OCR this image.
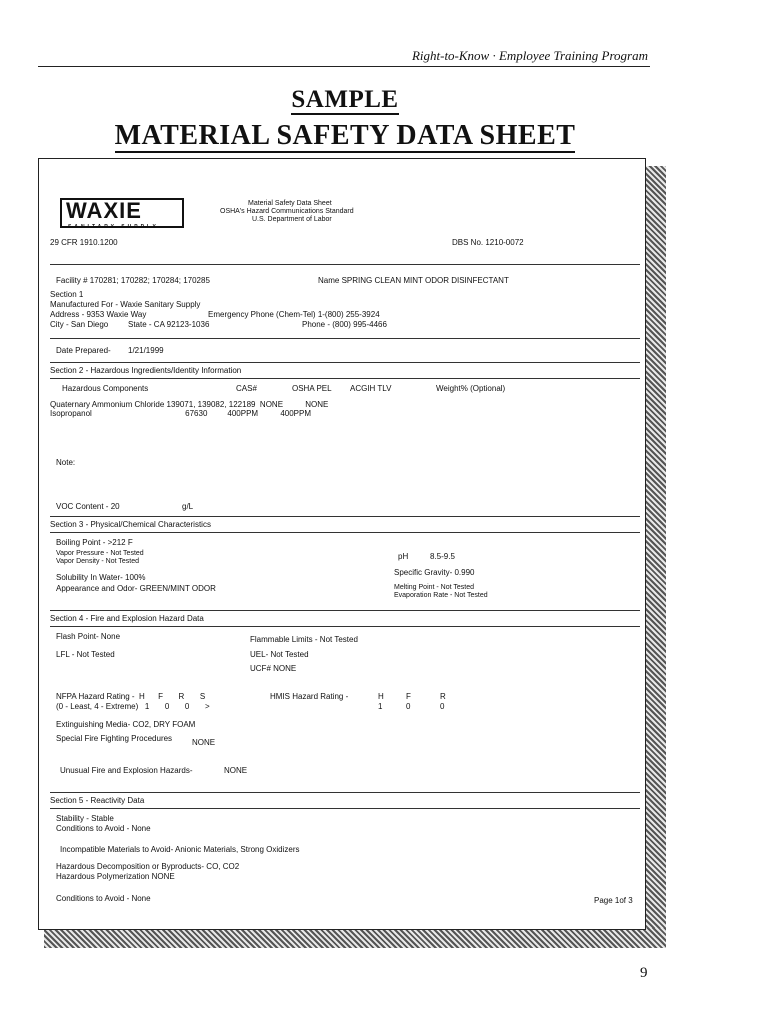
Right-to-Know · Employee Training Program
SAMPLE
MATERIAL SAFETY DATA SHEET
WAXIE
SANITARY SUPPLY
Material Safety Data Sheet
OSHA's Hazard Communications Standard
U.S. Department of Labor
29 CFR 1910.1200	DBS No. 1210-0072
Facility # 170281; 170282; 170284; 170285	Name SPRING CLEAN MINT ODOR DISINFECTANT
Section 1
Manufactured For - Waxie Sanitary Supply
Address - 9353 Waxie Way	Emergency Phone (Chem-Tel) 1-(800) 255-3924
City - San Diego State - CA 92123-1036	Phone - (800) 995-4466
Date Prepared- 1/21/1999
Section 2 - Hazardous Ingredients/Identity Information
Hazardous Components	CAS#	OSHA PEL ACGIH TLV	Weight% (Optional)
Quaternary Ammonium Chloride 139071, 139082, 122189  NONE          NONE
Isopropanol                                          67630         400PPM          400PPM
Note:
VOC Content - 20	g/L
Section 3 - Physical/Chemical Characteristics
Boiling Point - >212 F
Vapor Pressure - Not Tested
Vapor Density - Not Tested
pH	8.5-9.5
Specific Gravity- 0.990
Solubility In Water- 100%
Appearance and Odor- GREEN/MINT ODOR	Melting Point - Not Tested
Evaporation Rate - Not Tested
Section 4 - Fire and Explosion Hazard Data
Flash Point- None	Flammable Limits - Not Tested
LFL - Not Tested	UEL- Not Tested
UCF# NONE
NFPA Hazard Rating -  H      F       R       S
(0 - Least, 4 - Extreme)   1       0       0       >
HMIS Hazard Rating -	H	F	R
1	0	0
Extinguishing Media- CO2, DRY FOAM
Special Fire Fighting Procedures NONE
Unusual Fire and Explosion Hazards-	NONE
Section 5 - Reactivity Data
Stability - Stable
Conditions to Avoid - None
Incompatible Materials to Avoid- Anionic Materials, Strong Oxidizers
Hazardous Decomposition or Byproducts- CO, CO2
Hazardous Polymerization NONE
Conditions to Avoid - None	Page 1of 3
9
